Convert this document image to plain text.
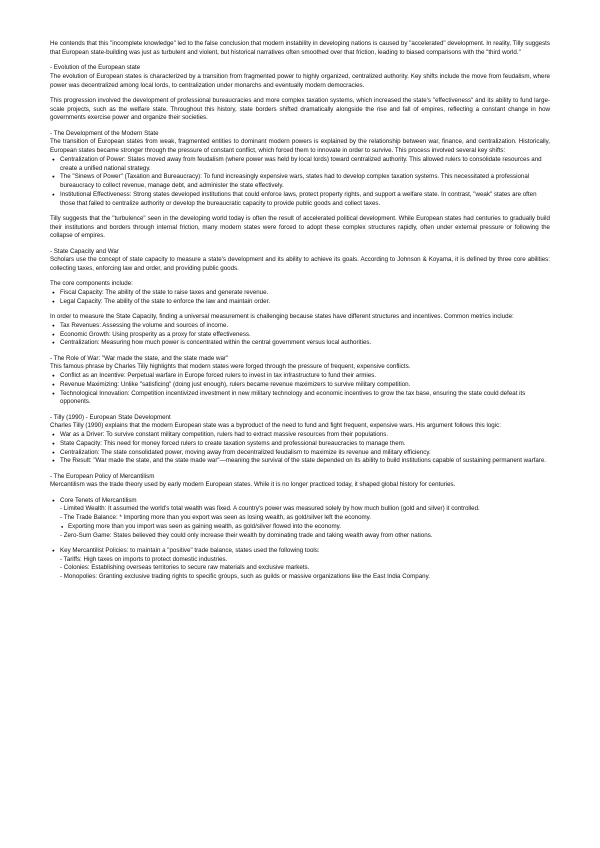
He contends that this "incomplete knowledge" led to the false conclusion that modern instability in developing nations is caused by "accelerated" development. In reality, Tilly suggests that European state-building was just as turbulent and violent, but historical narratives often smoothed over that friction, leading to biased comparisons with the "third world."

- Evolution of the European state

The evolution of European states is characterized by a transition from fragmented power to highly organized, centralized authority. Key shifts include the move from feudalism, where power was decentralized among local lords, to centralization under monarchs and eventually modern democracies.

This progression involved the development of professional bureaucracies and more complex taxation systems, which increased the state's "effectiveness" and its ability to fund large-scale projects, such as the welfare state. Throughout this history, state borders shifted dramatically alongside the rise and fall of empires, reflecting a constant change in how governments exercise power and organize their societies.

- The Development of the Modern State

The transition of European states from weak, fragmented entities to dominant modern powers is explained by the relationship between war, finance, and centralization. Historically, European states became stronger through the pressure of constant conflict, which forced them to innovate in order to survive. This process involved several key shifts:

● Centralization of Power: States moved away from feudalism (where power was held by local lords) toward centralized authority. This allowed rulers to consolidate resources and create a unified national strategy.
● The "Sinews of Power" (Taxation and Bureaucracy): To fund increasingly expensive wars, states had to develop complex taxation systems. This necessitated a professional bureaucracy to collect revenue, manage debt, and administer the state effectively.
● Institutional Effectiveness: Strong states developed institutions that could enforce laws, protect property rights, and support a welfare state. In contrast, "weak" states are often those that failed to centralize authority or develop the bureaucratic capacity to provide public goods and collect taxes.

Tilly suggests that the "turbulence" seen in the developing world today is often the result of accelerated political development. While European states had centuries to gradually build their institutions and borders through internal friction, many modern states were forced to adopt these complex structures rapidly, often under external pressure or following the collapse of empires.

- State Capacity and War

Scholars use the concept of state capacity to measure a state's development and its ability to achieve its goals. According to Johnson & Koyama, it is defined by three core abilities: collecting taxes, enforcing law and order, and providing public goods.

The core components include:

● Fiscal Capacity: The ability of the state to raise taxes and generate revenue.
● Legal Capacity: The ability of the state to enforce the law and maintain order.

In order to measure the State Capacity, finding a universal measurement is challenging because states have different structures and incentives. Common metrics include:

● Tax Revenues: Assessing the volume and sources of income.
● Economic Growth: Using prosperity as a proxy for state effectiveness.
● Centralization: Measuring how much power is concentrated within the central government versus local authorities.

- The Role of War: "War made the state, and the state made war"

This famous phrase by Charles Tilly highlights that modern states were forged through the pressure of frequent, expensive conflicts.

● Conflict as an Incentive: Perpetual warfare in Europe forced rulers to invest in tax infrastructure to fund their armies.
● Revenue Maximizing: Unlike "satisficing" (doing just enough), rulers became revenue maximizers to survive military competition.
● Technological Innovation: Competition incentivized investment in new military technology and economic incentives to grow the tax base, ensuring the state could defeat its opponents.

- Tilly (1990) - European State Development

Charles Tilly (1990) explains that the modern European state was a byproduct of the need to fund and fight frequent, expensive wars. His argument follows this logic:

● War as a Driver: To survive constant military competition, rulers had to extract massive resources from their populations.
● State Capacity: This need for money forced rulers to create taxation systems and professional bureaucracies to manage them.
● Centralization: The state consolidated power, moving away from decentralized feudalism to maximize its revenue and military efficiency.
● The Result: "War made the state, and the state made war"—meaning the survival of the state depended on its ability to build institutions capable of sustaining permanent warfare.

- The European Policy of Mercantilism

Mercantilism was the trade theory used by early modern European states. While it is no longer practiced today, it shaped global history for centuries.

● Core Tenets of Mercantilism
- Limited Wealth: It assumed the world's total wealth was fixed. A country's power was measured solely by how much bullion (gold and silver) it controlled.
- The Trade Balance: * Importing more than you export was seen as losing wealth, as gold/silver left the economy.
● Exporting more than you import was seen as gaining wealth, as gold/silver flowed into the economy.
- Zero-Sum Game: States believed they could only increase their wealth by dominating trade and taking wealth away from other nations.
● Key Mercantilist Policies: to maintain a "positive" trade balance, states used the following tools:
- Tariffs: High taxes on imports to protect domestic industries.
- Colonies: Establishing overseas territories to secure raw materials and exclusive markets.
- Monopolies: Granting exclusive trading rights to specific groups, such as guilds or massive organizations like the East India Company.
